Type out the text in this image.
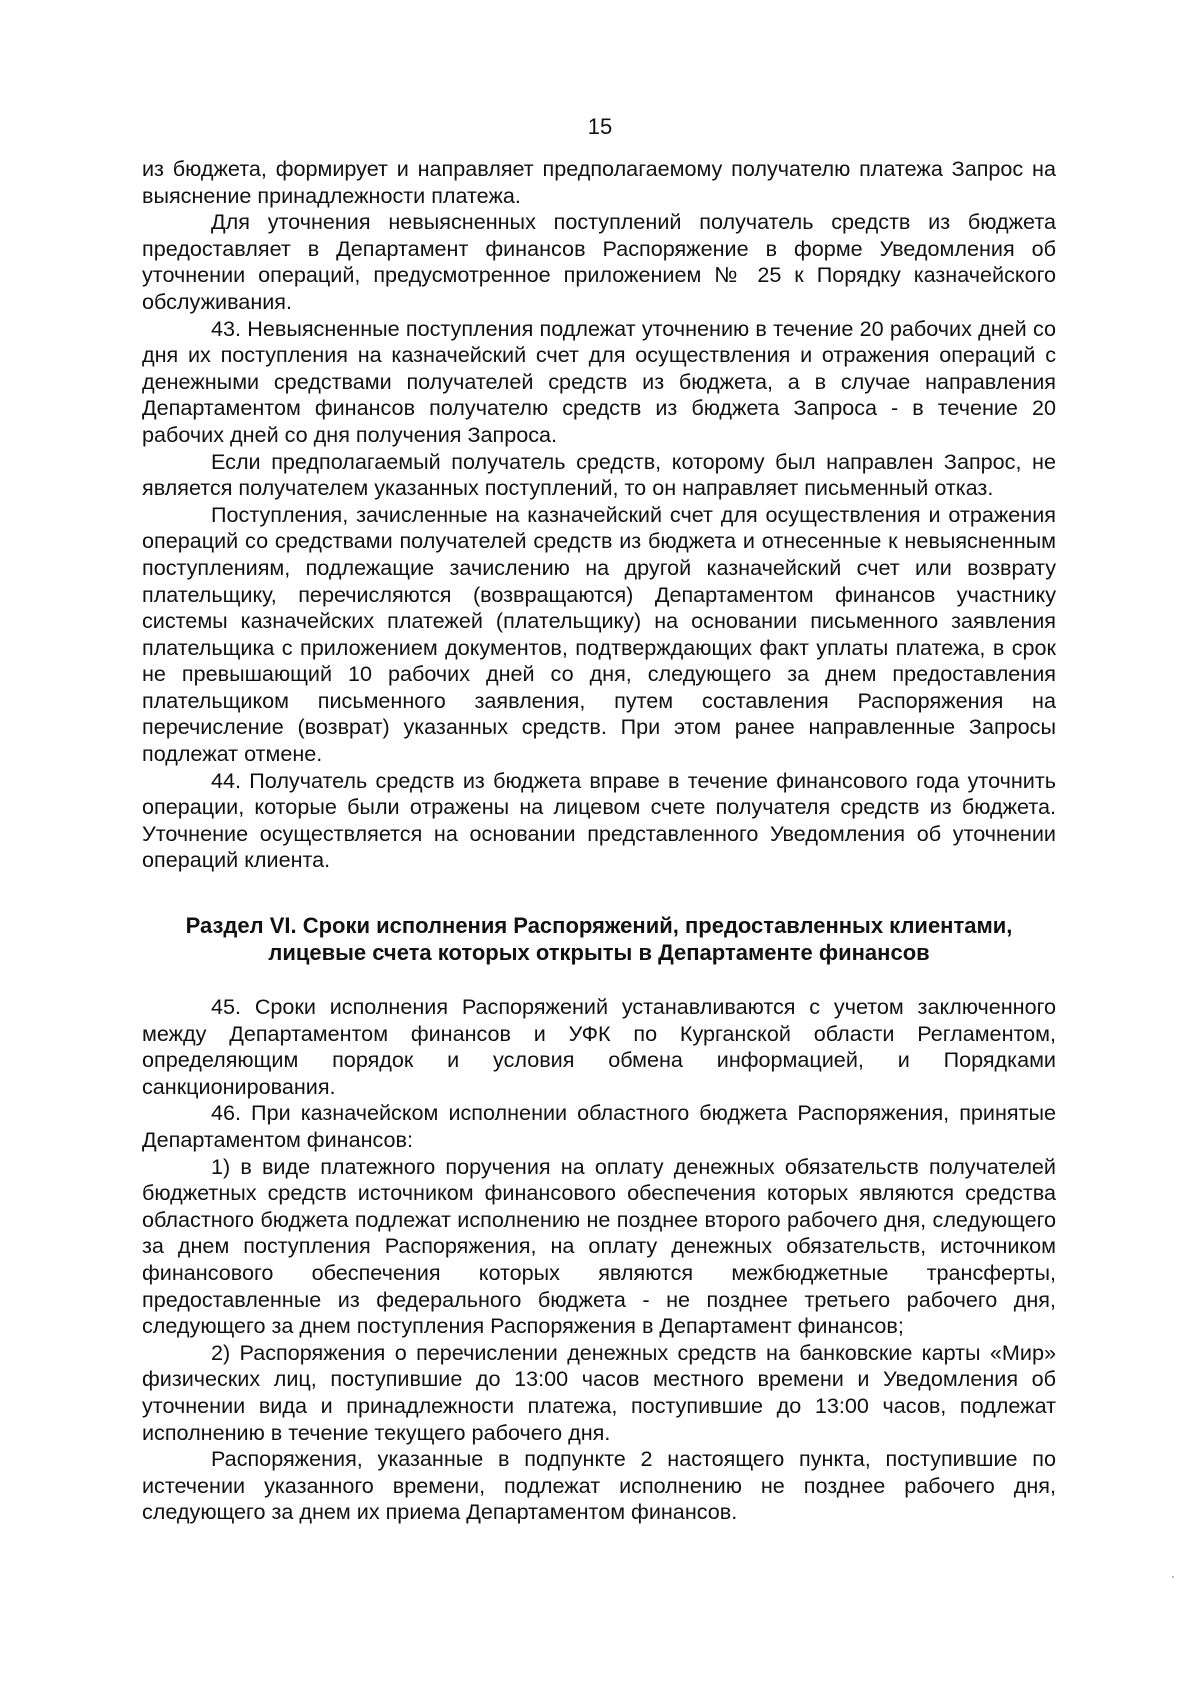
15

из бюджета, формирует и направляет предполагаемому получателю платежа Запрос на выяснение принадлежности платежа.

Для уточнения невыясненных поступлений получатель средств из бюджета предоставляет в Департамент финансов Распоряжение в форме Уведомления об уточнении операций, предусмотренное приложением № 25 к Порядку казначейского обслуживания.

43. Невыясненные поступления подлежат уточнению в течение 20 рабочих дней со дня их поступления на казначейский счет для осуществления и отражения операций с денежными средствами получателей средств из бюджета, а в случае направления Департаментом финансов получателю средств из бюджета Запроса - в течение 20 рабочих дней со дня получения Запроса.

Если предполагаемый получатель средств, которому был направлен Запрос, не является получателем указанных поступлений, то он направляет письменный отказ.

Поступления, зачисленные на казначейский счет для осуществления и отражения операций со средствами получателей средств из бюджета и отнесенные к невыясненным поступлениям, подлежащие зачислению на другой казначейский счет или возврату плательщику, перечисляются (возвращаются) Департаментом финансов участнику системы казначейских платежей (плательщику) на основании письменного заявления плательщика с приложением документов, подтверждающих факт уплаты платежа, в срок не превышающий 10 рабочих дней со дня, следующего за днем предоставления плательщиком письменного заявления, путем составления Распоряжения на перечисление (возврат) указанных средств. При этом ранее направленные Запросы подлежат отмене.

44. Получатель средств из бюджета вправе в течение финансового года уточнить операции, которые были отражены на лицевом счете получателя средств из бюджета. Уточнение осуществляется на основании представленного Уведомления об уточнении операций клиента.

Раздел VI. Сроки исполнения Распоряжений, предоставленных клиентами,
лицевые счета которых открыты в Департаменте финансов

45. Сроки исполнения Распоряжений устанавливаются с учетом заключенного между Департаментом финансов и УФК по Курганской области Регламентом, определяющим порядок и условия обмена информацией, и Порядками санкционирования.

46. При казначейском исполнении областного бюджета Распоряжения, принятые Департаментом финансов:

1) в виде платежного поручения на оплату денежных обязательств получателей бюджетных средств источником финансового обеспечения которых являются средства областного бюджета подлежат исполнению не позднее второго рабочего дня, следующего за днем поступления Распоряжения, на оплату денежных обязательств, источником финансового обеспечения которых являются межбюджетные трансферты, предоставленные из федерального бюджета - не позднее третьего рабочего дня, следующего за днем поступления Распоряжения в Департамент финансов;

2) Распоряжения о перечислении денежных средств на банковские карты «Мир» физических лиц, поступившие до 13:00 часов местного времени и Уведомления об уточнении вида и принадлежности платежа, поступившие до 13:00 часов, подлежат исполнению в течение текущего рабочего дня.

Распоряжения, указанные в подпункте 2 настоящего пункта, поступившие по истечении указанного времени, подлежат исполнению не позднее рабочего дня, следующего за днем их приема Департаментом финансов.
